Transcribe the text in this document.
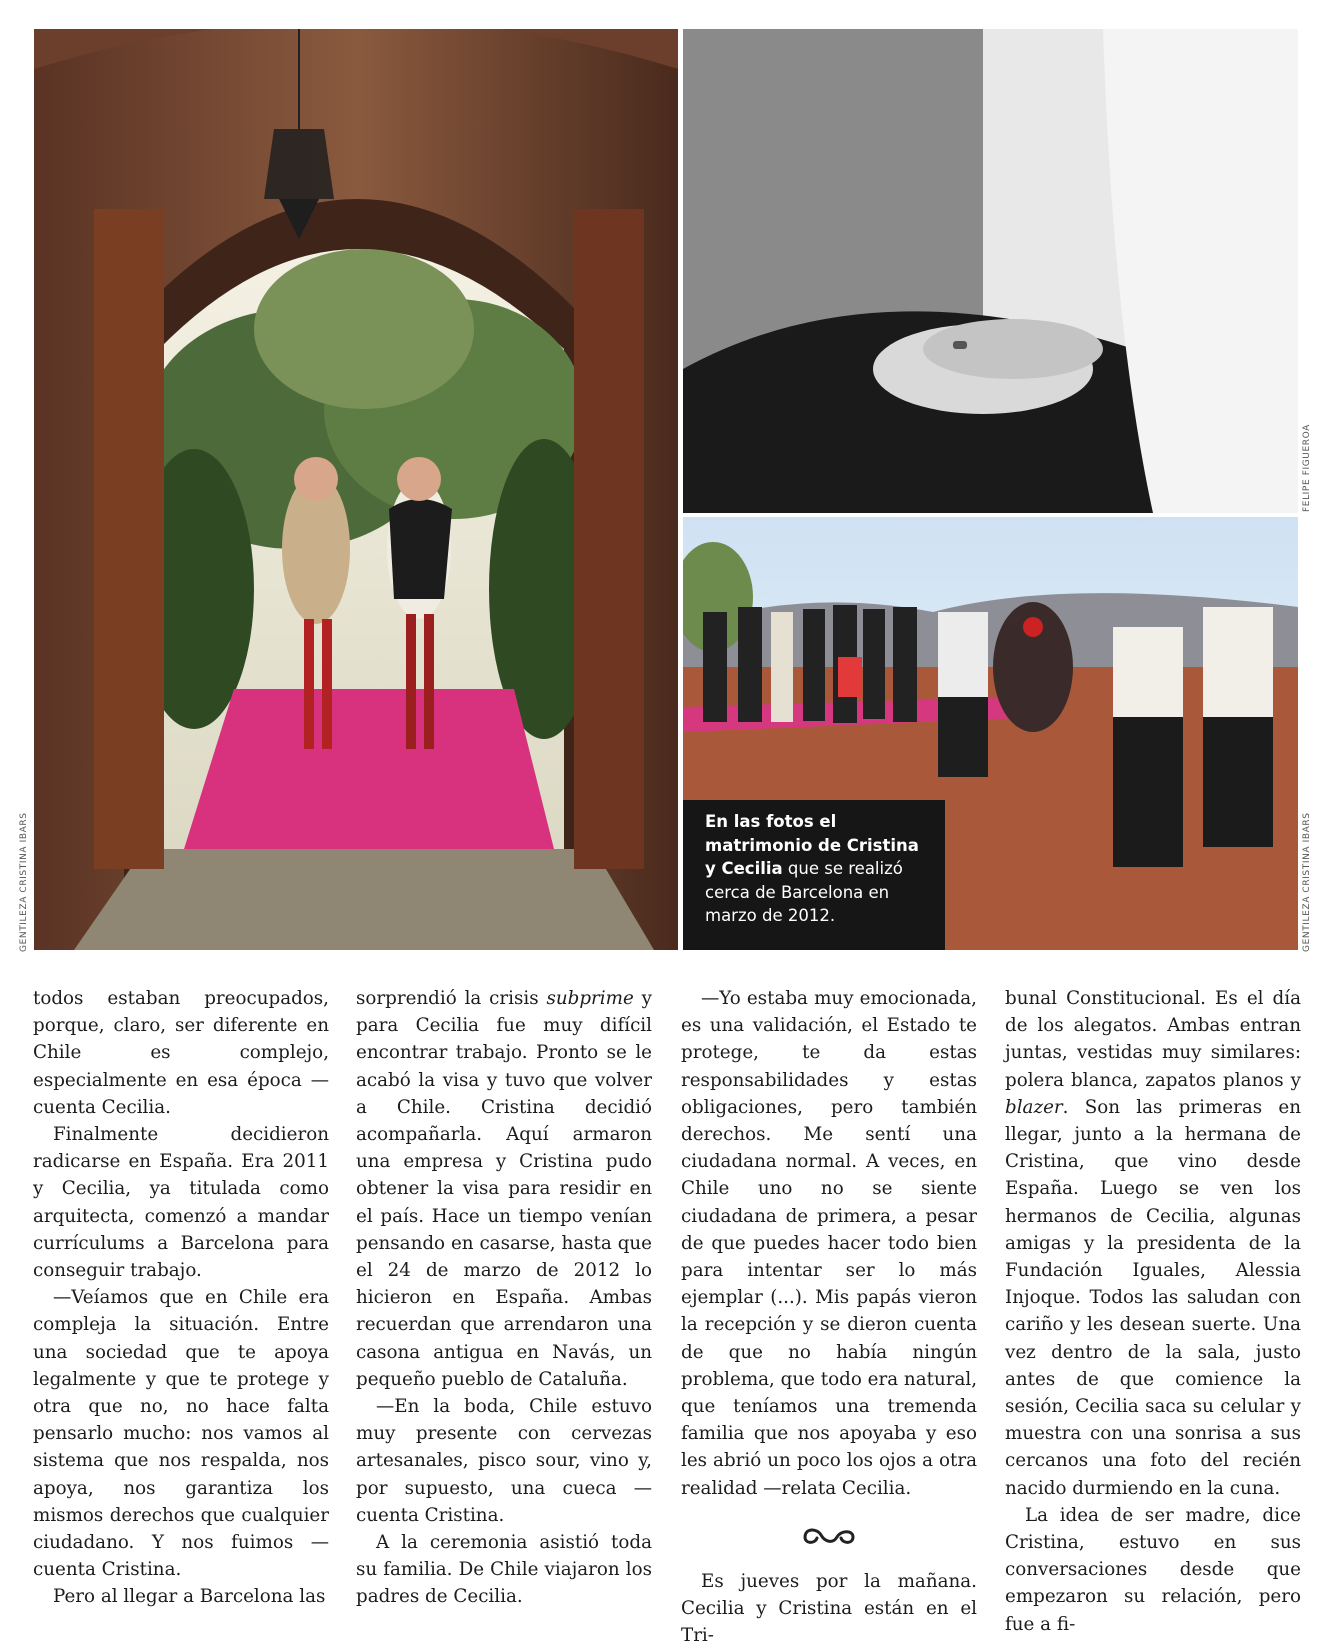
GENTILEZA CRISTINA IBARS
FELIPE FIGUEROA
GENTILEZA CRISTINA IBARS
En las fotos el matrimonio de Cristina y Cecilia que se realizó cerca de Barcelona en marzo de 2012.

todos estaban preocupados, porque, claro, ser diferente en Chile es complejo, especialmente en esa época —cuenta Cecilia.

Finalmente decidieron radicarse en España. Era 2011 y Cecilia, ya titulada como arquitecta, comenzó a mandar currículums a Barcelona para conseguir trabajo.

—Veíamos que en Chile era compleja la situación. Entre una sociedad que te apoya legalmente y que te protege y otra que no, no hace falta pensarlo mucho: nos vamos al sistema que nos respalda, nos apoya, nos garantiza los mismos derechos que cualquier ciudadano. Y nos fuimos —cuenta Cristina.

Pero al llegar a Barcelona las

sorprendió la crisis subprime y para Cecilia fue muy difícil encontrar trabajo. Pronto se le acabó la visa y tuvo que volver a Chile. Cristina decidió acompañarla. Aquí armaron una empresa y Cristina pudo obtener la visa para residir en el país. Hace un tiempo venían pensando en casarse, hasta que el 24 de marzo de 2012 lo hicieron en España. Ambas recuerdan que arrendaron una casona antigua en Navás, un pequeño pueblo de Cataluña.

—En la boda, Chile estuvo muy presente con cervezas artesanales, pisco sour, vino y, por supuesto, una cueca —cuenta Cristina.

A la ceremonia asistió toda su familia. De Chile viajaron los padres de Cecilia.

—Yo estaba muy emocionada, es una validación, el Estado te protege, te da estas responsabilidades y estas obligaciones, pero también derechos. Me sentí una ciudadana normal. A veces, en Chile uno no se siente ciudadana de primera, a pesar de que puedes hacer todo bien para intentar ser lo más ejemplar (...). Mis papás vieron la recepción y se dieron cuenta de que no había ningún problema, que todo era natural, que teníamos una tremenda familia que nos apoyaba y eso les abrió un poco los ojos a otra realidad —relata Cecilia.

Es jueves por la mañana. Cecilia y Cristina están en el Tri-

bunal Constitucional. Es el día de los alegatos. Ambas entran juntas, vestidas muy similares: polera blanca, zapatos planos y blazer. Son las primeras en llegar, junto a la hermana de Cristina, que vino desde España. Luego se ven los hermanos de Cecilia, algunas amigas y la presidenta de la Fundación Iguales, Alessia Injoque. Todos las saludan con cariño y les desean suerte. Una vez dentro de la sala, justo antes de que comience la sesión, Cecilia saca su celular y muestra con una sonrisa a sus cercanos una foto del recién nacido durmiendo en la cuna.

La idea de ser madre, dice Cristina, estuvo en sus conversaciones desde que empezaron su relación, pero fue a fi-
